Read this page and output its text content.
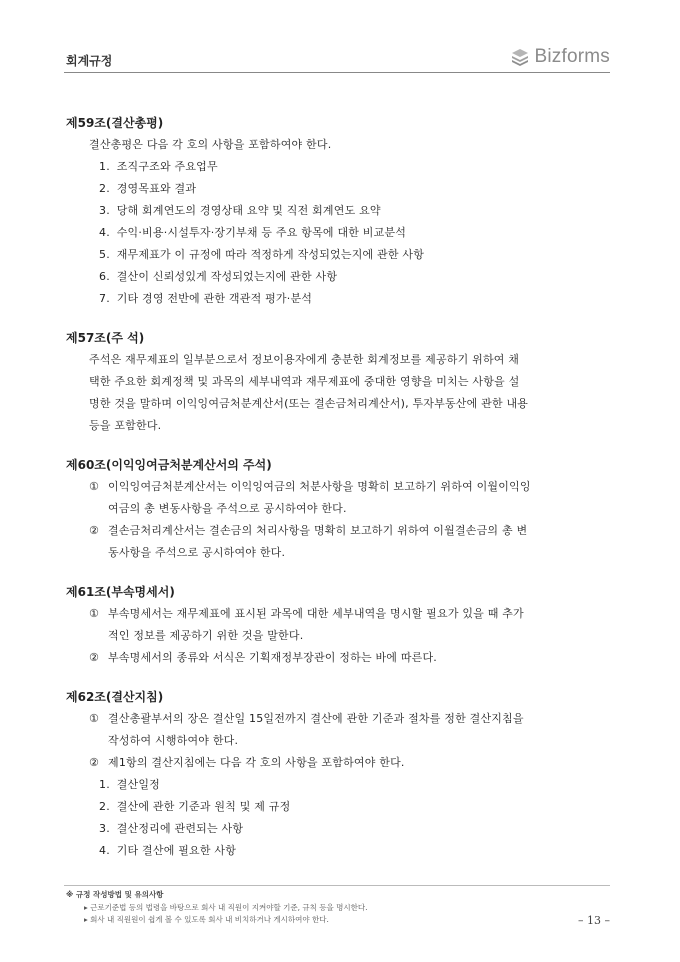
회계규정	Bizforms
제59조(결산총평)
결산총평은 다음 각 호의 사항을 포함하여야 한다.
1. 조직구조와 주요업무
2. 경영목표와 결과
3. 당해 회계연도의 경영상태 요약 및 직전 회계연도 요약
4. 수익·비용·시설투자·장기부채 등 주요 항목에 대한 비교분석
5. 재무제표가 이 규정에 따라 적정하게 작성되었는지에 관한 사항
6. 결산이 신뢰성있게 작성되었는지에 관한 사항
7. 기타 경영 전반에 관한 객관적 평가·분석
제57조(주 석)
주석은 재무제표의 일부분으로서 정보이용자에게 충분한 회계정보를 제공하기 위하여 채
택한 주요한 회계정책 및 과목의 세부내역과 재무제표에 중대한 영향을 미치는 사항을 설
명한 것을 말하며 이익잉여금처분계산서(또는 결손금처리계산서), 투자부동산에 관한 내용
등을 포함한다.
제60조(이익잉여금처분계산서의 주석)
① 이익잉여금처분계산서는 이익잉여금의 처분사항을 명확히 보고하기 위하여 이월이익잉
여금의 총 변동사항을 주석으로 공시하여야 한다.
② 결손금처리계산서는 결손금의 처리사항을 명확히 보고하기 위하여 이월결손금의 총 변
동사항을 주석으로 공시하여야 한다.
제61조(부속명세서)
① 부속명세서는 재무제표에 표시된 과목에 대한 세부내역을 명시할 필요가 있을 때 추가
적인 정보를 제공하기 위한 것을 말한다.
② 부속명세서의 종류와 서식은 기획재정부장관이 정하는 바에 따른다.
제62조(결산지침)
① 결산총괄부서의 장은 결산일 15일전까지 결산에 관한 기준과 절차를 정한 결산지침을
작성하여 시행하여야 한다.
② 제1항의 결산지침에는 다음 각 호의 사항을 포함하여야 한다.
1. 결산일정
2. 결산에 관한 기준과 원칙 및 제 규정
3. 결산정리에 관련되는 사항
4. 기타 결산에 필요한 사항
※ 규정 작성방법 및 유의사항
▸ 근로기준법 등의 법령을 바탕으로 회사 내 직원이 지켜야할 기준, 규칙 등을 명시한다.
▸ 회사 내 직원원이 쉽게 볼 수 있도록 회사 내 비치하거나 게시하여야 한다.	– 13 –
